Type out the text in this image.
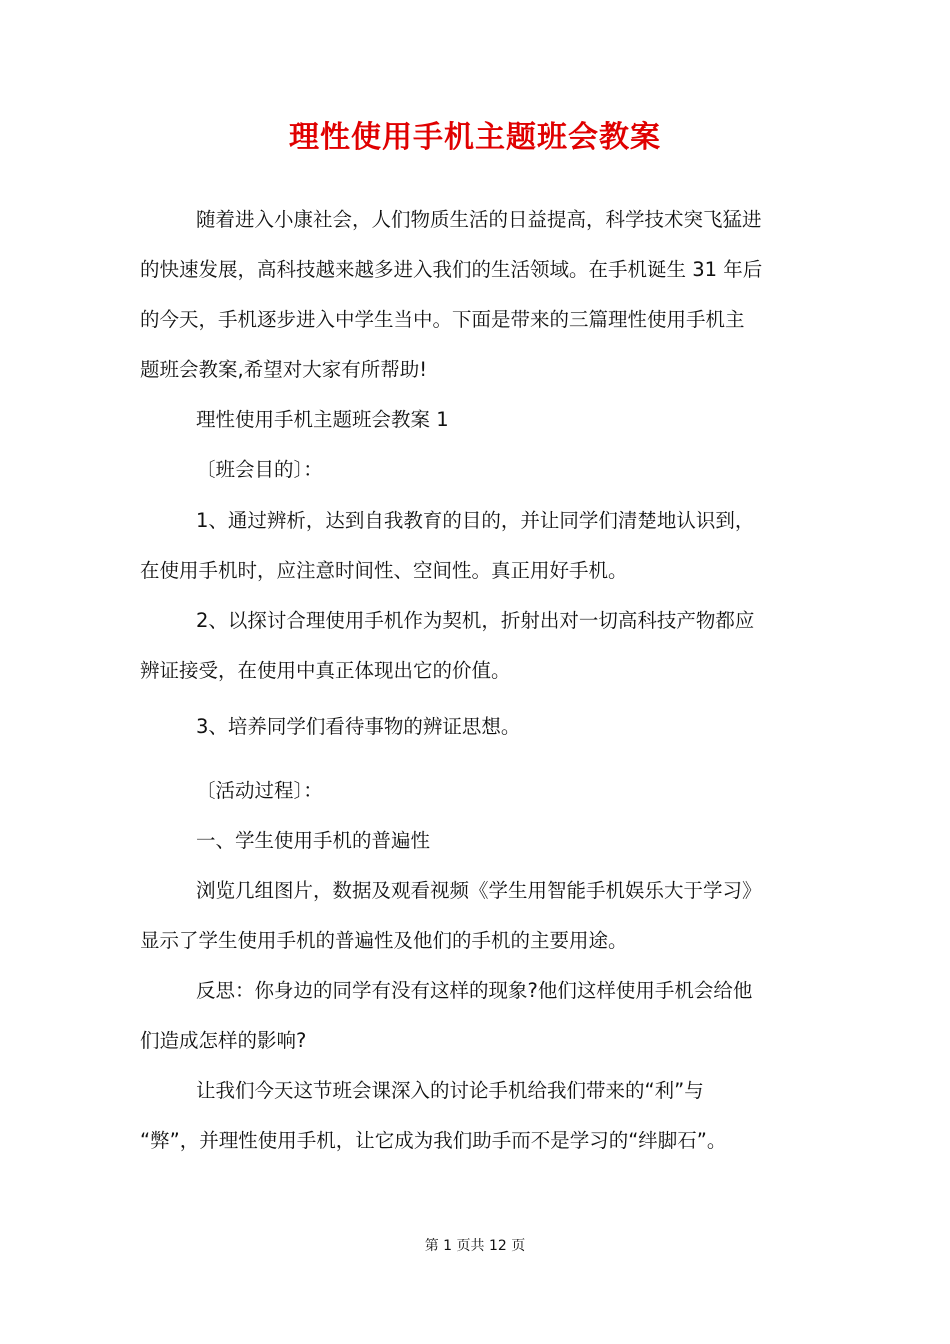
理性使用手机主题班会教案
随着进入小康社会，人们物质生活的日益提高，科学技术突飞猛进
的快速发展，高科技越来越多进入我们的生活领域。在手机诞生 31 年后
的今天，手机逐步进入中学生当中。下面是带来的三篇理性使用手机主
题班会教案,希望对大家有所帮助!
理性使用手机主题班会教案 1
〔班会目的〕：
1、通过辨析，达到自我教育的目的，并让同学们清楚地认识到，
在使用手机时，应注意时间性、空间性。真正用好手机。
2、以探讨合理使用手机作为契机，折射出对一切高科技产物都应
辨证接受，在使用中真正体现出它的价值。
3、培养同学们看待事物的辨证思想。
〔活动过程〕：
一、学生使用手机的普遍性
浏览几组图片，数据及观看视频《学生用智能手机娱乐大于学习》
显示了学生使用手机的普遍性及他们的手机的主要用途。
反思：你身边的同学有没有这样的现象?他们这样使用手机会给他
们造成怎样的影响?
让我们今天这节班会课深入的讨论手机给我们带来的“利”与
“弊”，并理性使用手机，让它成为我们助手而不是学习的“绊脚石”。
第 1 页共 12 页
